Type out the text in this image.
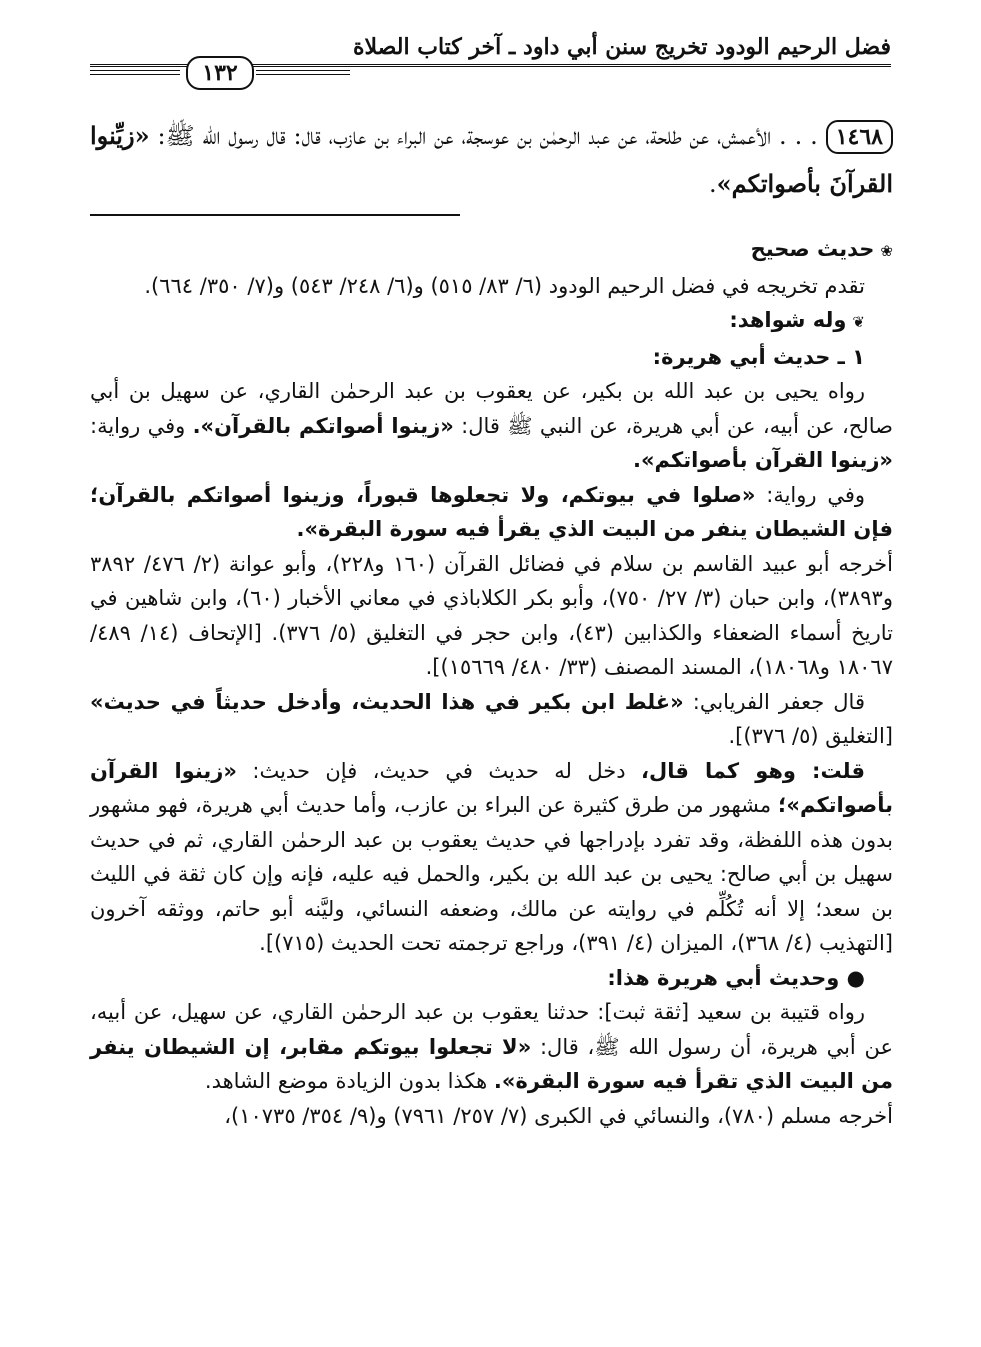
فضل الرحيم الودود تخريج سنن أبي داود ـ آخر كتاب الصلاة
١٣٢
١٤٦٨. . . الأعمش، عن طلحة، عن عبد الرحمٰن بن عوسجة، عن البراء بن عازب، قال: قال رسول الله ﷺ: «زيِّنوا القرآنَ بأصواتكم».

❀حديث صحيح

تقدم تخريجه في فضل الرحيم الودود (٦/ ٨٣/ ٥١٥) و(٦/ ٢٤٨/ ٥٤٣) و(٧/ ٣٥٠/ ٦٦٤).

❦وله شواهد:

١ ـ حديث أبي هريرة:

رواه يحيى بن عبد الله بن بكير، عن يعقوب بن عبد الرحمٰن القاري، عن سهيل بن أبي صالح، عن أبيه، عن أبي هريرة، عن النبي ﷺ قال: «زينوا أصواتكم بالقرآن». وفي رواية: «زينوا القرآن بأصواتكم».

وفي رواية: «صلوا في بيوتكم، ولا تجعلوها قبوراً، وزينوا أصواتكم بالقرآن؛ فإن الشيطان ينفر من البيت الذي يقرأ فيه سورة البقرة».

أخرجه أبو عبيد القاسم بن سلام في فضائل القرآن (١٦٠ و٢٢٨)، وأبو عوانة (٢/ ٤٧٦/ ٣٨٩٢ و٣٨٩٣)، وابن حبان (٣/ ٢٧/ ٧٥٠)، وأبو بكر الكلاباذي في معاني الأخبار (٦٠)، وابن شاهين في تاريخ أسماء الضعفاء والكذابين (٤٣)، وابن حجر في التغليق (٥/ ٣٧٦). [الإتحاف (١٤/ ٤٨٩/ ١٨٠٦٧ و١٨٠٦٨)، المسند المصنف (٣٣/ ٤٨٠/ ١٥٦٦٩)].

قال جعفر الفريابي: «غلط ابن بكير في هذا الحديث، وأدخل حديثاً في حديث» [التغليق (٥/ ٣٧٦)].

قلت: وهو كما قال، دخل له حديث في حديث، فإن حديث: «زينوا القرآن بأصواتكم»؛ مشهور من طرق كثيرة عن البراء بن عازب، وأما حديث أبي هريرة، فهو مشهور بدون هذه اللفظة، وقد تفرد بإدراجها في حديث يعقوب بن عبد الرحمٰن القاري، ثم في حديث سهيل بن أبي صالح: يحيى بن عبد الله بن بكير، والحمل فيه عليه، فإنه وإن كان ثقة في الليث بن سعد؛ إلا أنه تُكُلِّم في روايته عن مالك، وضعفه النسائي، وليَّنه أبو حاتم، ووثقه آخرون [التهذيب (٤/ ٣٦٨)، الميزان (٤/ ٣٩١)، وراجع ترجمته تحت الحديث (٧١٥)].

● وحديث أبي هريرة هذا:

رواه قتيبة بن سعيد [ثقة ثبت]: حدثنا يعقوب بن عبد الرحمٰن القاري، عن سهيل، عن أبيه، عن أبي هريرة، أن رسول الله ﷺ، قال: «لا تجعلوا بيوتكم مقابر، إن الشيطان ينفر من البيت الذي تقرأ فيه سورة البقرة». هكذا بدون الزيادة موضع الشاهد.

أخرجه مسلم (٧٨٠)، والنسائي في الكبرى (٧/ ٢٥٧/ ٧٩٦١) و(٩/ ٣٥٤/ ١٠٧٣٥)،
